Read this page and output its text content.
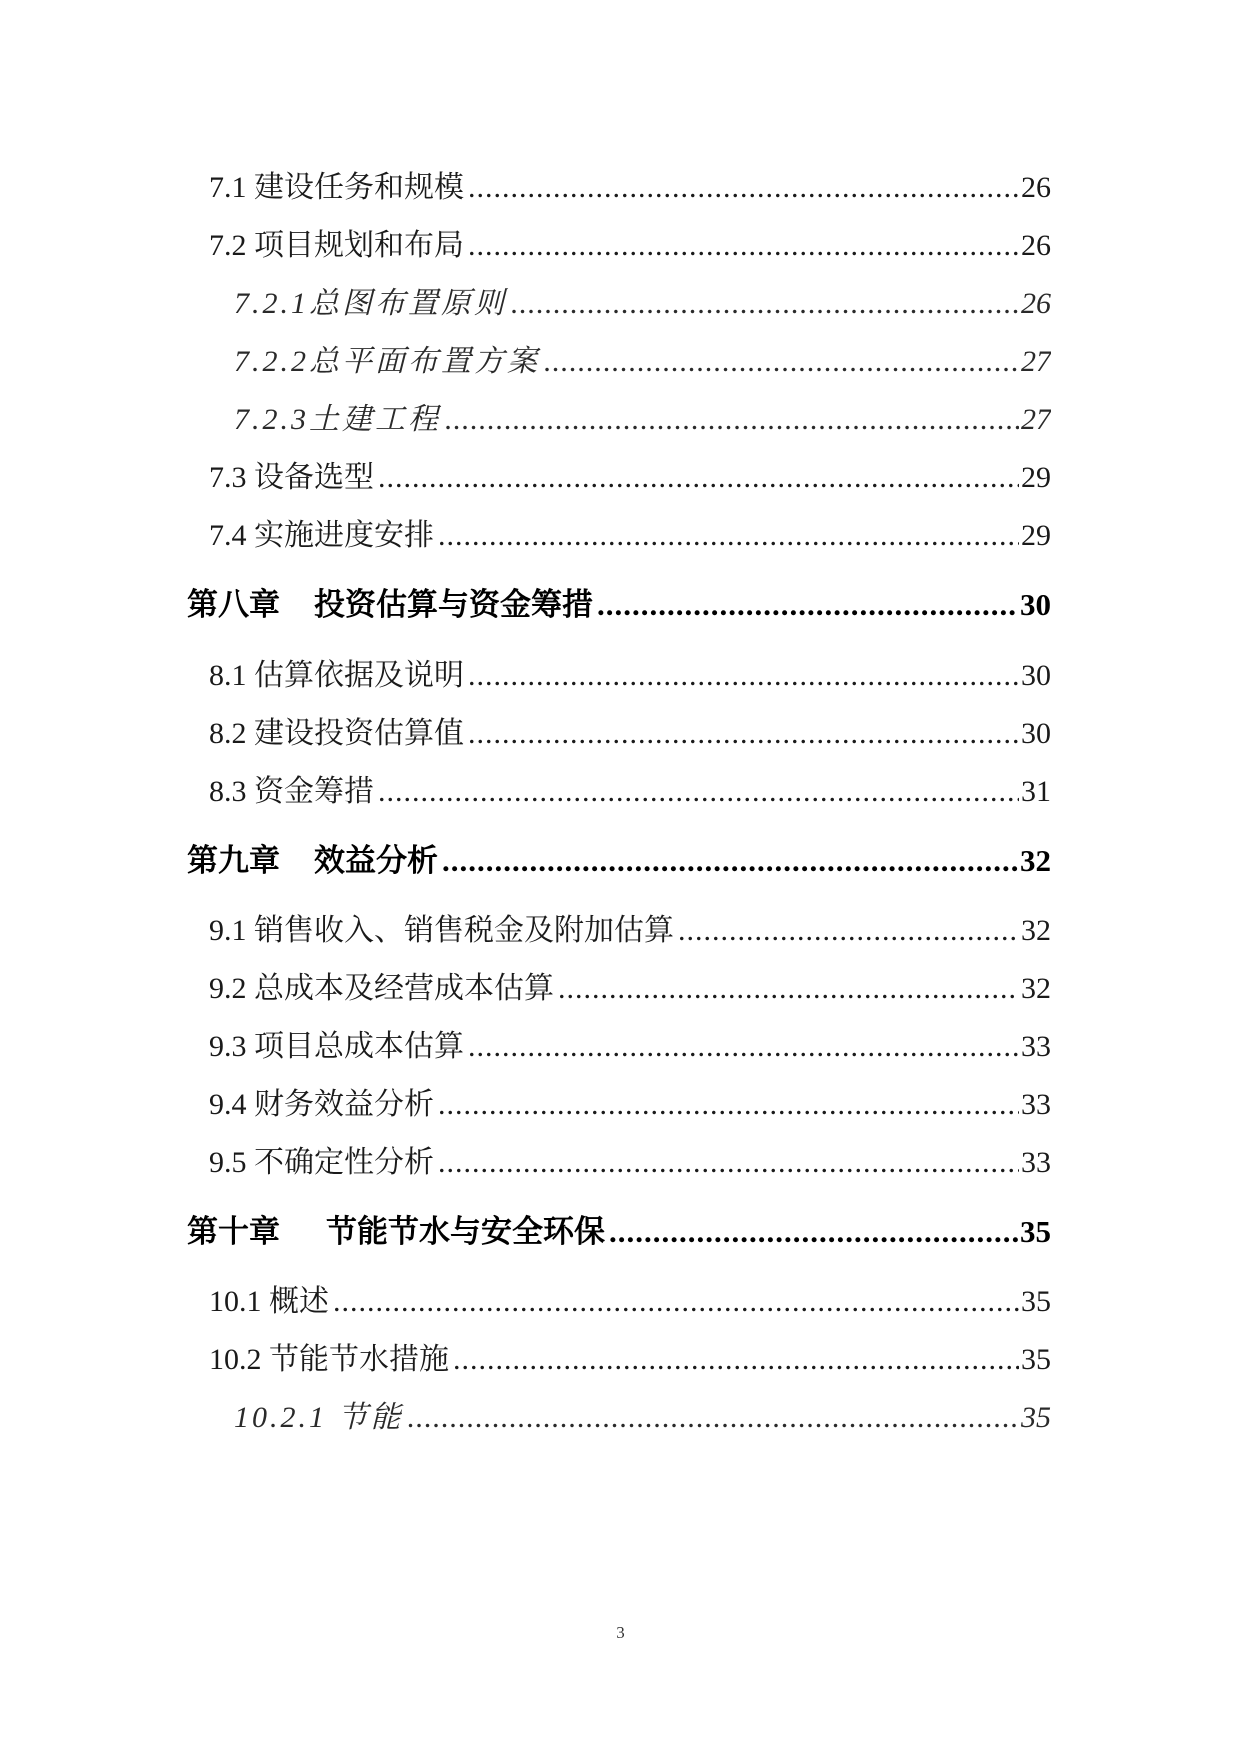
7.1 建设任务和规模 .....	26
7.2 项目规划和布局 .....	26
7.2.1总图布置原则 .....	26
7.2.2总平面布置方案 .....	27
7.2.3土建工程 .....	27
7.3 设备选型 .....	29
7.4 实施进度安排 .....	29
第八章 投资估算与资金筹措 .....	30
8.1 估算依据及说明 .....	30
8.2 建设投资估算值 .....	30
8.3 资金筹措 .....	31
第九章 效益分析 .....	32
9.1 销售收入、销售税金及附加估算 .....	32
9.2 总成本及经营成本估算 .....	32
9.3 项目总成本估算 .....	33
9.4 财务效益分析 .....	33
9.5 不确定性分析 .....	33
第十章 节能节水与安全环保 .....	35
10.1 概述 .....	35
10.2 节能节水措施 .....	35
10.2.1 节能 .....	35
3
